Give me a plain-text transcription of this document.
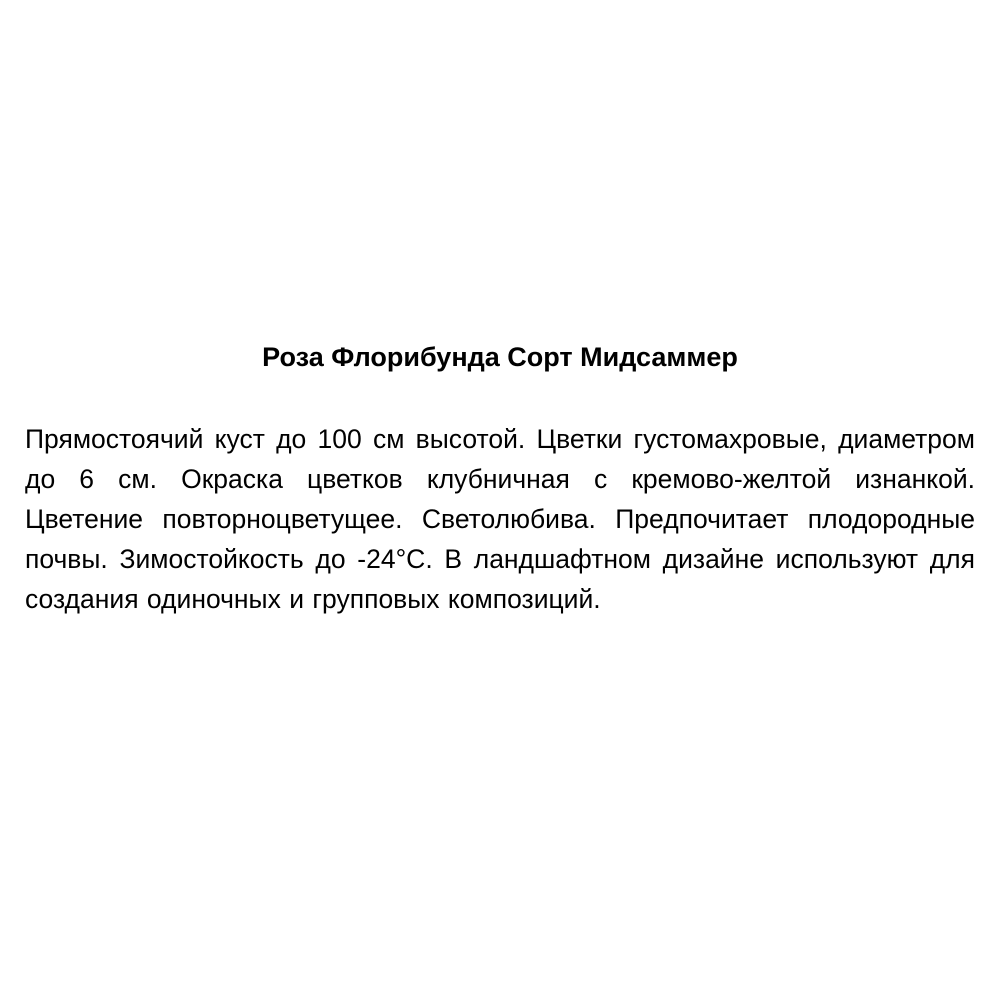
Роза Флорибунда Сорт Мидсаммер

Прямостоячий куст до 100 см высотой. Цветки густомахровые, диаметром до 6 см. Окраска цветков клубничная с кремово-желтой изнанкой. Цветение повторноцветущее. Светолюбива. Предпочитает плодородные почвы. Зимостойкость до -24°С. В ландшафтном дизайне используют для создания одиночных и групповых композиций.
